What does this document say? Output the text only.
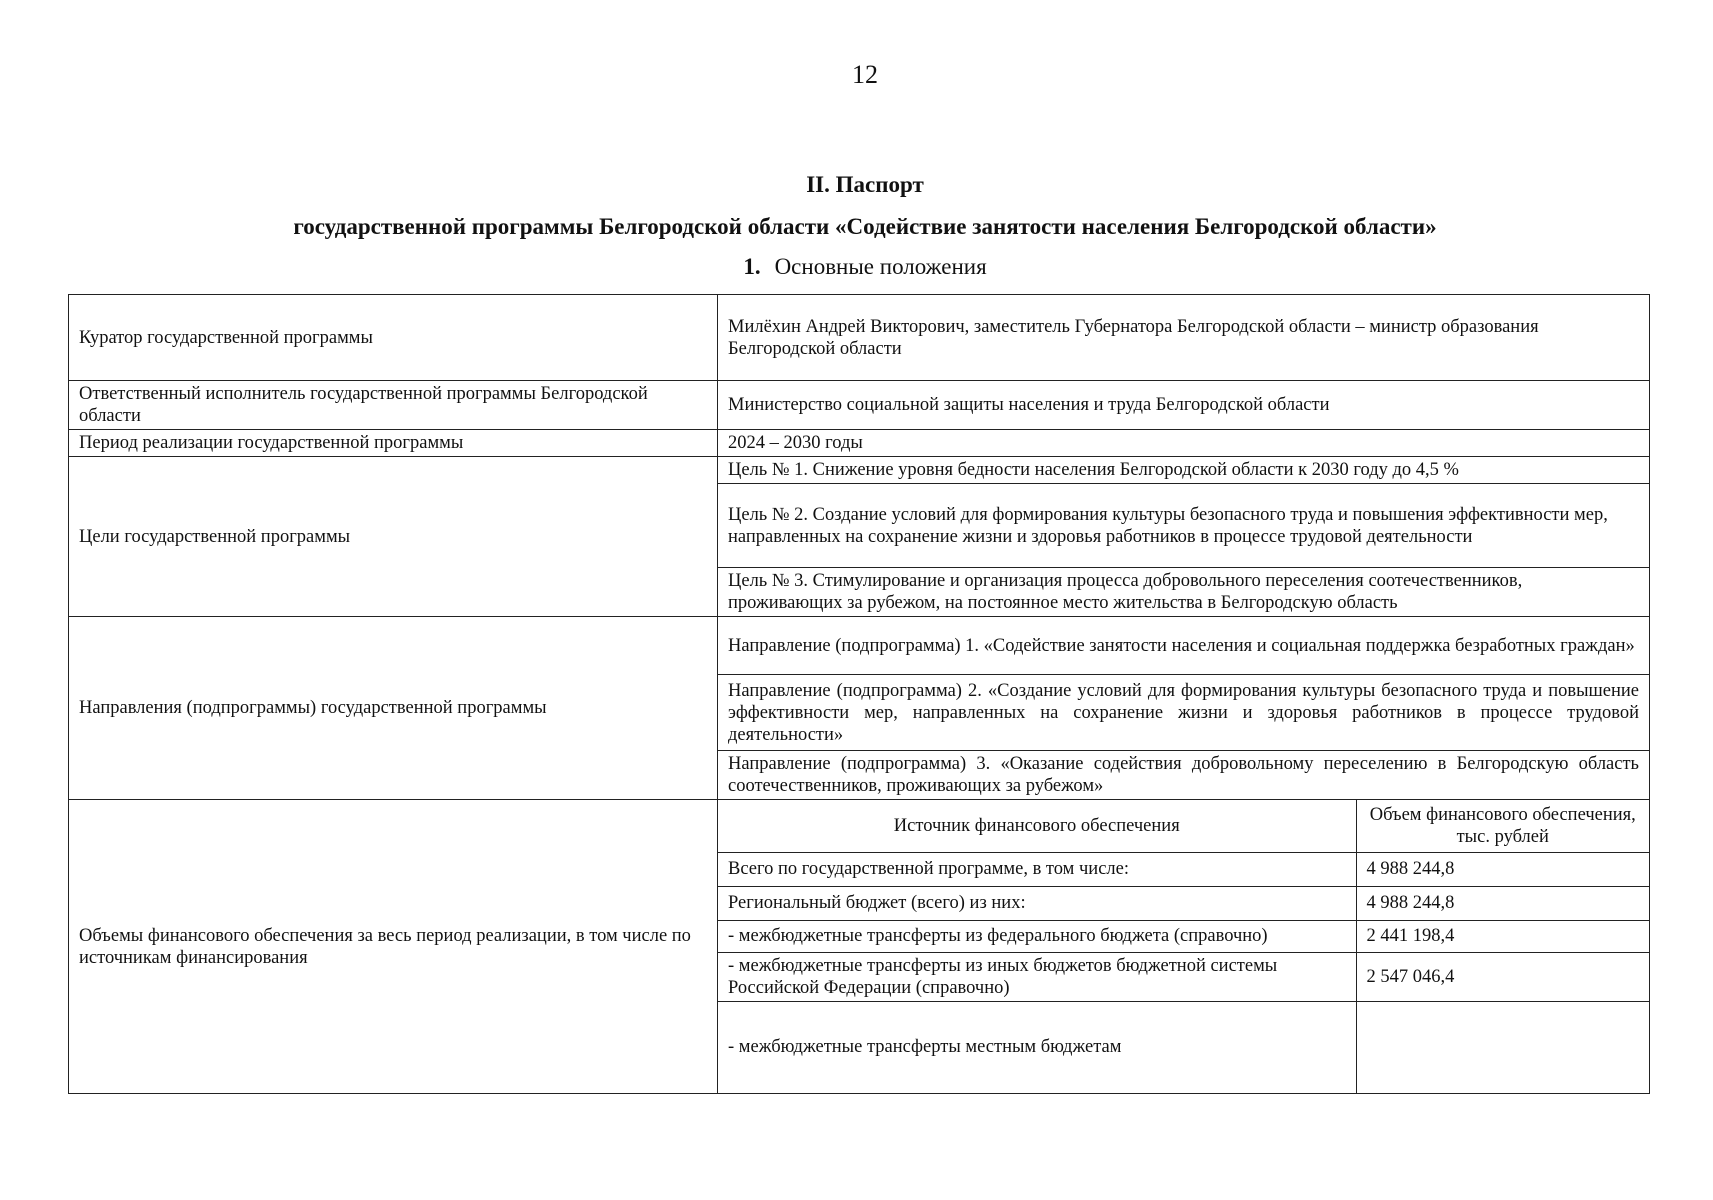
12
II. Паспорт
государственной программы Белгородской области «Содействие занятости населения Белгородской области»
1. Основные положения
Куратор государственной программы	Милёхин Андрей Викторович, заместитель Губернатора Белгородской области – министр образования Белгородской области
Ответственный исполнитель государственной программы Белгородской области	Министерство социальной защиты населения и труда Белгородской области
Период реализации государственной программы	2024 – 2030 годы
Цели государственной программы	Цель № 1. Снижение уровня бедности населения Белгородской области к 2030 году до 4,5 %
Цель № 2. Создание условий для формирования культуры безопасного труда и повышения эффективности мер, направленных на сохранение жизни и здоровья работников в процессе трудовой деятельности
Цель № 3. Стимулирование и организация процесса добровольного переселения соотечественников, проживающих за рубежом, на постоянное место жительства в Белгородскую область
Направления (подпрограммы) государственной программы	Направление (подпрограмма) 1. «Содействие занятости населения и социальная поддержка безработных граждан»
Направление (подпрограмма) 2. «Создание условий для формирования культуры безопасного труда и повышение эффективности мер, направленных на сохранение жизни и здоровья работников в процессе трудовой деятельности»
Направление (подпрограмма) 3. «Оказание содействия добровольному переселению в Белгородскую область соотечественников, проживающих за рубежом»
Объемы финансового обеспечения за весь период реализации, в том числе по источникам финансирования	
Источник финансового обеспечения	Объем финансового обеспечения, тыс. рублей
Всего по государственной программе, в том числе:	4 988 244,8
Региональный бюджет (всего) из них:	4 988 244,8
- межбюджетные трансферты из федерального бюджета (справочно)	2 441 198,4
- межбюджетные трансферты из иных бюджетов бюджетной системы Российской Федерации (справочно)	2 547 046,4
- межбюджетные трансферты местным бюджетам	
